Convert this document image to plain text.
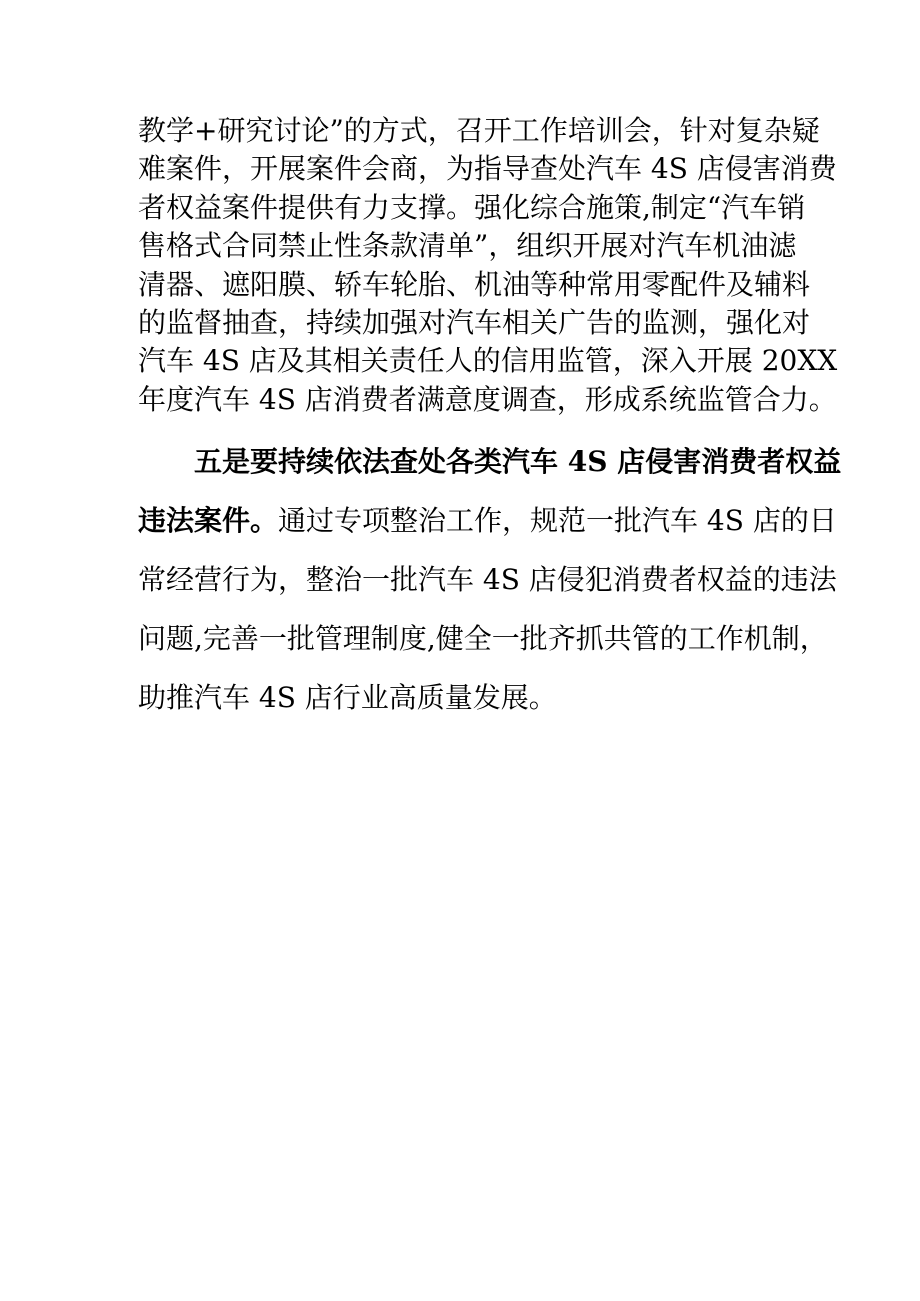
教学+研究讨论”的方式，召开工作培训会，针对复杂疑
难案件，开展案件会商，为指导查处汽车 4S 店侵害消费
者权益案件提供有力支撑。强化综合施策,制定“汽车销
售格式合同禁止性条款清单”，组织开展对汽车机油滤
清器、遮阳膜、轿车轮胎、机油等种常用零配件及辅料
的监督抽查，持续加强对汽车相关广告的监测，强化对
汽车 4S 店及其相关责任人的信用监管，深入开展 20XX
年度汽车 4S 店消费者满意度调查，形成系统监管合力。
五是要持续依法查处各类汽车 4S 店侵害消费者权益
违法案件。通过专项整治工作，规范一批汽车 4S 店的日
常经营行为，整治一批汽车 4S 店侵犯消费者权益的违法
问题,完善一批管理制度,健全一批齐抓共管的工作机制，
助推汽车 4S 店行业高质量发展。
